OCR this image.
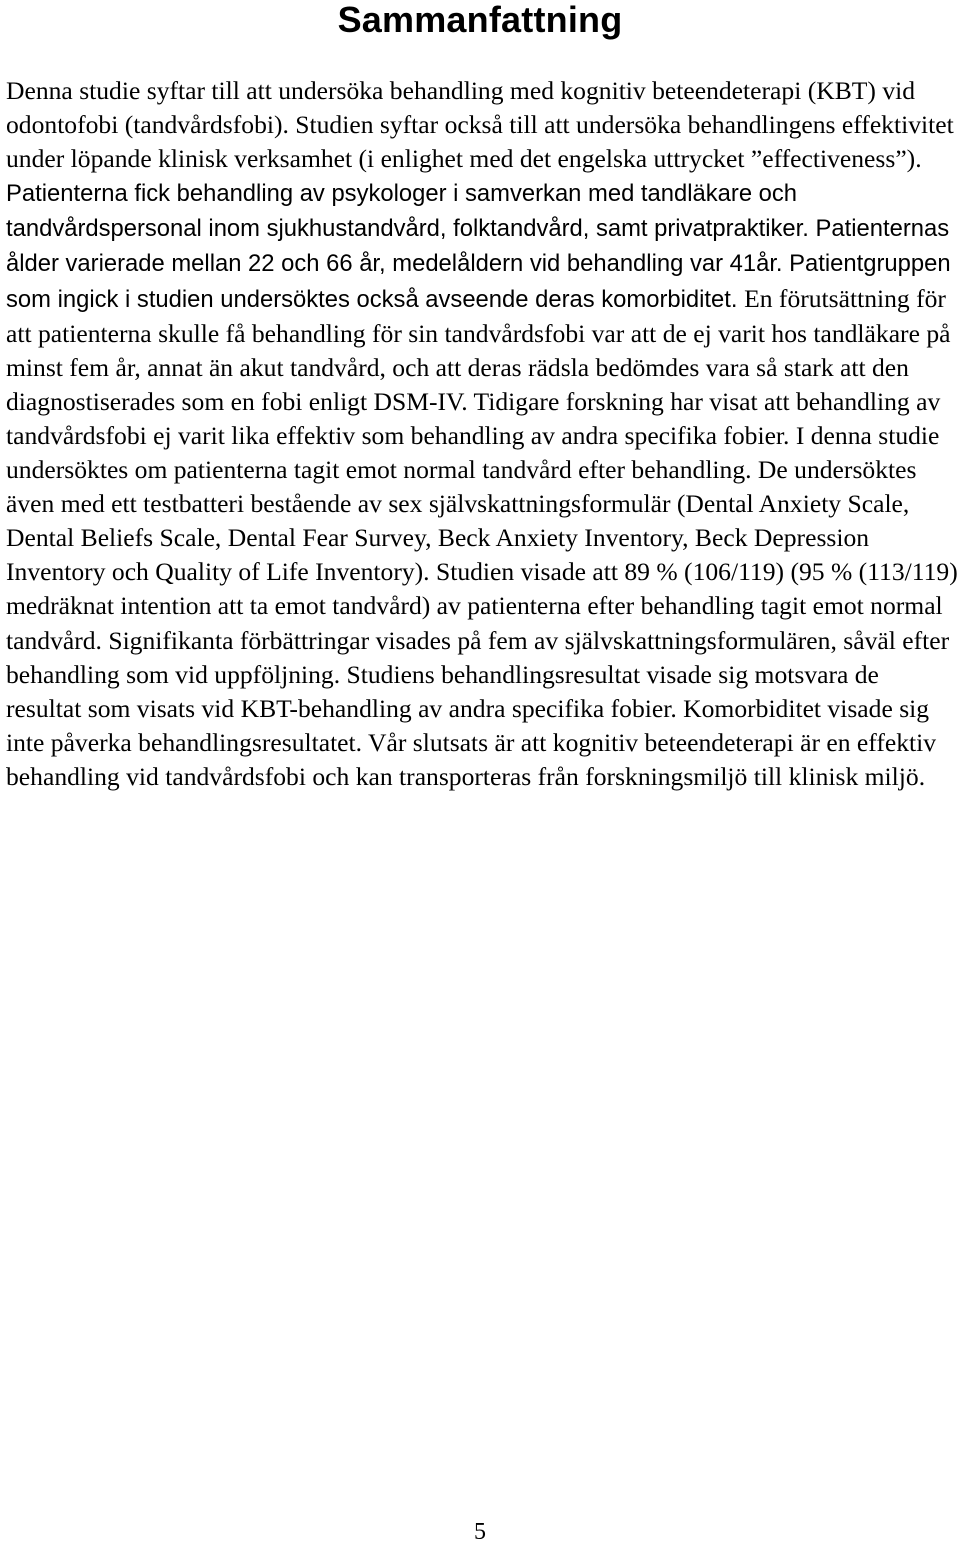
Sammanfattning

Denna studie syftar till att undersöka behandling med kognitiv beteendeterapi (KBT) vid odontofobi (tandvårdsfobi). Studien syftar också till att undersöka behandlingens effektivitet under löpande klinisk verksamhet (i enlighet med det engelska uttrycket ”effectiveness”). Patienterna fick behandling av psykologer i samverkan med tandläkare och tandvårdspersonal inom sjukhustandvård, folktandvård, samt privatpraktiker. Patienternas ålder varierade mellan 22 och 66 år, medelåldern vid behandling var 41år. Patientgruppen som ingick i studien undersöktes också avseende deras komorbiditet. En förutsättning för att patienterna skulle få behandling för sin tandvårdsfobi var att de ej varit hos tandläkare på minst fem år, annat än akut tandvård, och att deras rädsla bedömdes vara så stark att den diagnostiserades som en fobi enligt DSM-IV. Tidigare forskning har visat att behandling av tandvårdsfobi ej varit lika effektiv som behandling av andra specifika fobier. I denna studie undersöktes om patienterna tagit emot normal tandvård efter behandling. De undersöktes även med ett testbatteri bestående av sex självskattningsformulär (Dental Anxiety Scale, Dental Beliefs Scale, Dental Fear Survey, Beck Anxiety Inventory, Beck Depression Inventory och Quality of Life Inventory). Studien visade att 89 % (106/119) (95 % (113/119) medräknat intention att ta emot tandvård) av patienterna efter behandling tagit emot normal tandvård. Signifikanta förbättringar visades på fem av självskattningsformulären, såväl efter behandling som vid uppföljning. Studiens behandlingsresultat visade sig motsvara de resultat som visats vid KBT-behandling av andra specifika fobier. Komorbiditet visade sig inte påverka behandlingsresultatet. Vår slutsats är att kognitiv beteendeterapi är en effektiv behandling vid tandvårdsfobi och kan transporteras från forskningsmiljö till klinisk miljö.

5
